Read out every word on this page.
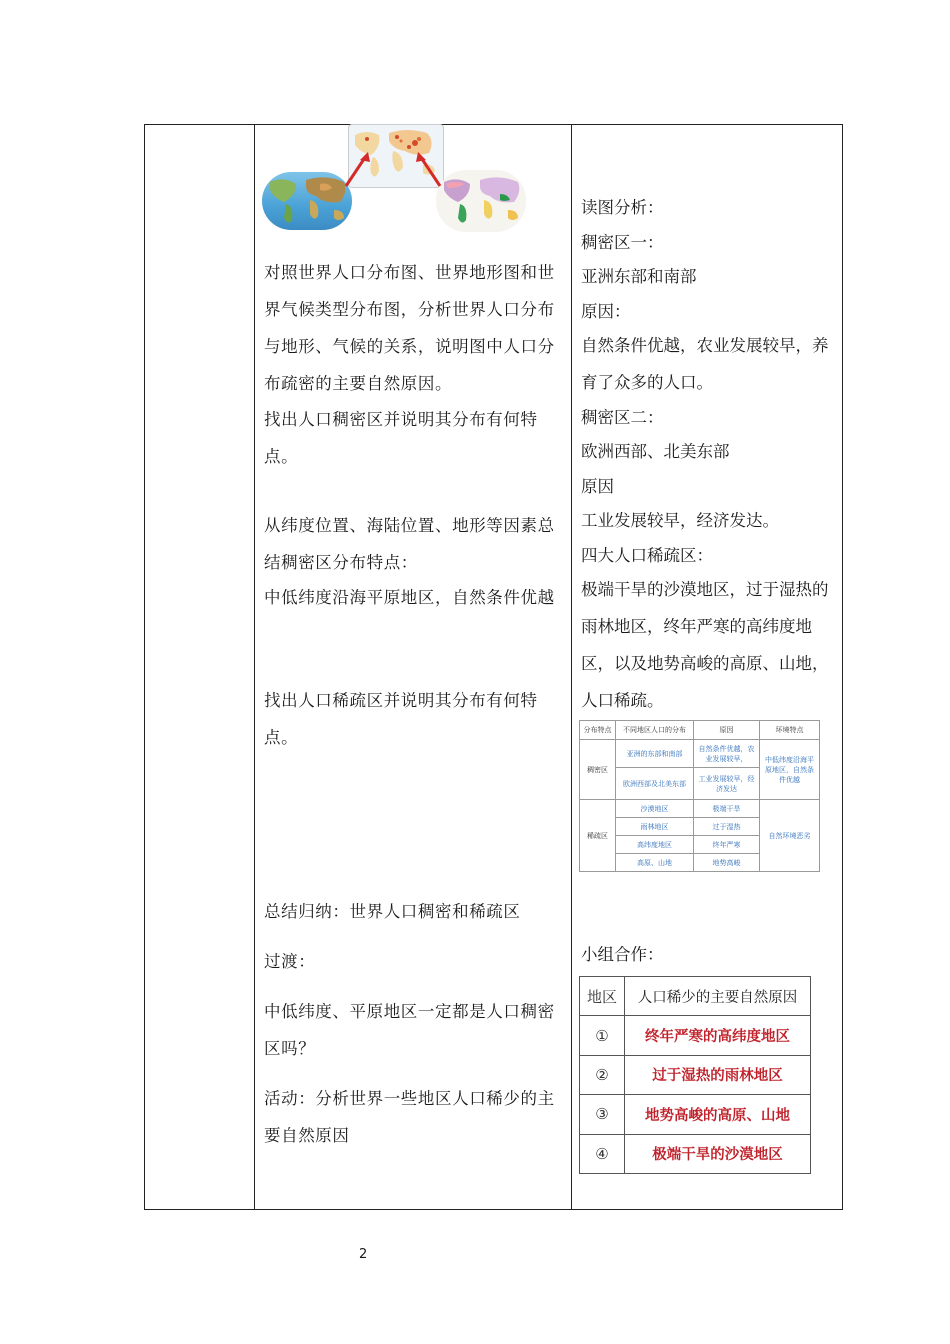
对照世界人口分布图、世界地形图和世界气候类型分布图，分析世界人口分布与地形、气候的关系，说明图中人口分布疏密的主要自然原因。

找出人口稠密区并说明其分布有何特点。

从纬度位置、海陆位置、地形等因素总结稠密区分布特点：

中低纬度沿海平原地区，自然条件优越

找出人口稀疏区并说明其分布有何特点。

总结归纳：世界人口稠密和稀疏区

过渡：

中低纬度、平原地区一定都是人口稠密区吗？

活动：分析世界一些地区人口稀少的主要自然原因

读图分析：

稠密区一：

亚洲东部和南部

原因：

自然条件优越，农业发展较早，养育了众多的人口。

稠密区二：

欧洲西部、北美东部

原因

工业发展较早，经济发达。

四大人口稀疏区：

极端干旱的沙漠地区，过于湿热的雨林地区，终年严寒的高纬度地区，以及地势高峻的高原、山地，人口稀疏。

小组合作：

分布特点	不同地区人口的分布	原因	环境特点
稠密区	亚洲的东部和南部	自然条件优越，农业发展较早，	中低纬度沿海平原地区，自然条件优越
	欧洲西部及北美东部	工业发展较早，经济发达	
稀疏区	沙漠地区	极端干旱	自然环境恶劣
	雨林地区	过于湿热	
	高纬度地区	终年严寒	
	高原、山地	地势高峻	
地区	人口稀少的主要自然原因
①	终年严寒的高纬度地区
②	过于湿热的雨林地区
③	地势高峻的高原、山地
④	极端干旱的沙漠地区
2
